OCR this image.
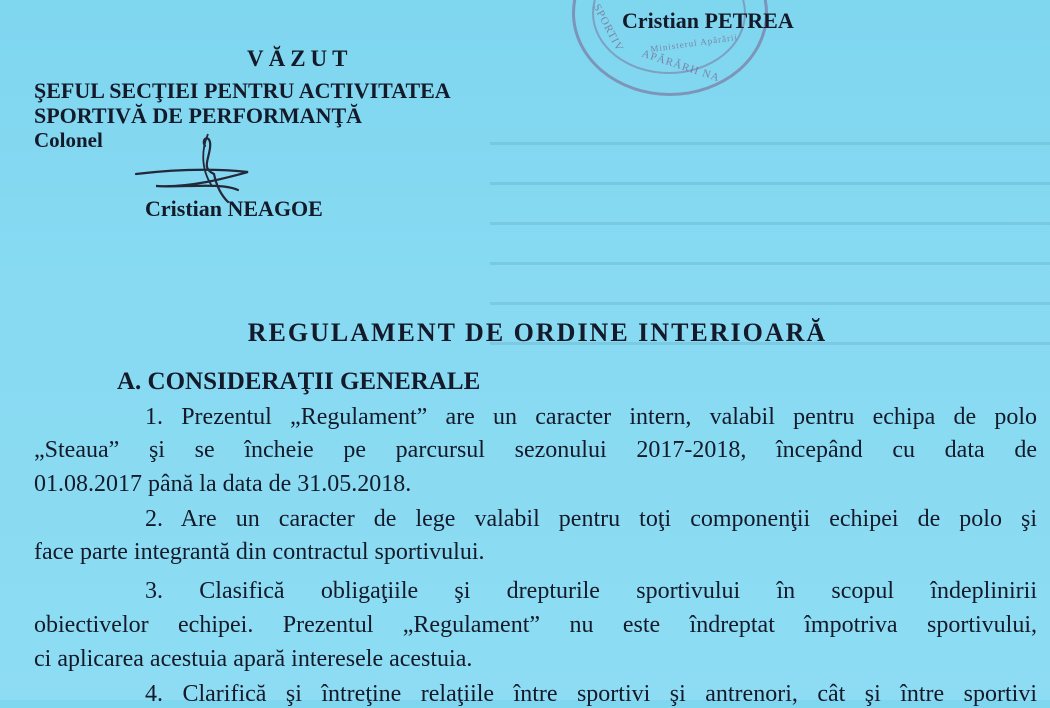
SPORTIV
APĂRĂRII NA
Ministerul Apărării
Cristian PETREA
VĂZUT
ŞEFUL SECŢIEI PENTRU ACTIVITATEA
SPORTIVĂ DE PERFORMANŢĂ
Colonel
Cristian NEAGOE
REGULAMENT DE ORDINE INTERIOARĂ
A. CONSIDERAŢII GENERALE
1. Prezentul „Regulament” are un caracter intern, valabil pentru echipa de polo
„Steaua” şi se încheie pe parcursul sezonului 2017-2018, începând cu data de
01.08.2017 până la data de 31.05.2018.
2. Are un caracter de lege valabil pentru toţi componenţii echipei de polo şi
face parte integrantă din contractul sportivului.
3. Clasifică obligaţiile şi drepturile sportivului în scopul îndeplinirii
obiectivelor echipei. Prezentul „Regulament” nu este îndreptat împotriva sportivului,
ci aplicarea acestuia apară interesele acestuia.
4. Clarifică şi întreţine relaţiile între sportivi şi antrenori, cât şi între sportivi
